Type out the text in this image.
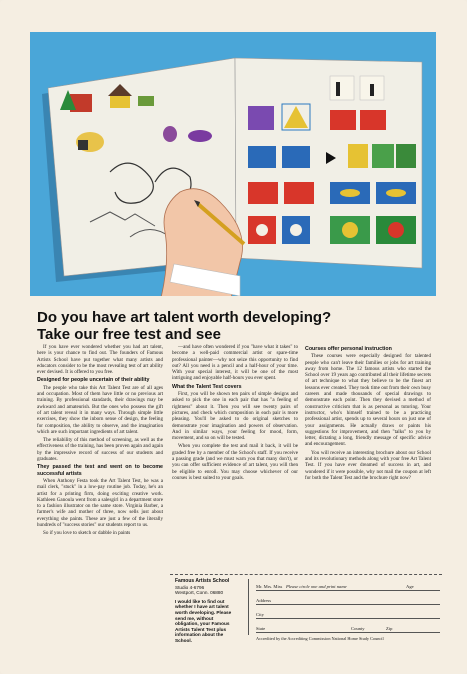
Do you have art talent worth developing?
Take our free test and see

If you have ever wondered whether you had art talent, here is your chance to find out. The founders of Famous Artists School have put together what many artists and educators consider to be the most revealing test of art ability ever devised. It is offered to you free.

Designed for people uncertain of their ability

The people who take this Art Talent Test are of all ages and occupation. Most of them have little or no previous art training. By professional standards, their drawings may be awkward and amateurish. But the ones who possess the gift of art talent reveal it in many ways. Through simple little exercises, they show the inborn sense of design, the feeling for composition, the ability to observe, and the imagination which are such important ingredients of art talent.

The reliability of this method of screening, as well as the effectiveness of the training, has been proven again and again by the impressive record of success of our students and graduates.

They passed the test and went on to become successful artists

When Anthony Festa took the Art Talent Test, he was a mail clerk, "stuck" in a low-pay routine job. Today, he's an artist for a printing firm, doing exciting creative work. Kathleen Ganoula went from a salesgirl in a department store to a fashion illustrator on the same store. Virginia Barber, a farmer's wife and mother of three, now sells just about everything she paints. These are just a few of the literally hundreds of "success stories" our students report to us.

So if you love to sketch or dabble in paints

—and have often wondered if you "have what it takes" to become a well-paid commercial artist or spare-time professional painter—why not seize this opportunity to find out? All you need is a pencil and a half-hour of your time. With your special interest, it will be one of the most intriguing and enjoyable half-hours you ever spent.

What the Talent Test covers

First, you will be shown ten pairs of simple designs and asked to pick the one in each pair that has "a feeling of rightness" about it. Then you will see twenty pairs of pictures, and check which composition in each pair is more pleasing. You'll be asked to do original sketches to demonstrate your imagination and powers of observation. And in similar ways, your feeling for mood, form, movement, and so on will be tested.

When you complete the test and mail it back, it will be graded free by a member of the School's staff. If you receive a passing grade (and we must warn you that many don't), or you can offer sufficient evidence of art talent, you will then be eligible to enroll. You may choose whichever of our courses is best suited to your goals.

Courses offer personal instruction

These courses were especially designed for talented people who can't leave their families or jobs for art training away from home. The 12 famous artists who started the School over 19 years ago contributed all their lifetime secrets of art technique to what they believe to be the finest art lessons ever created. They took time out from their own busy careers and made thousands of special drawings to demonstrate each point. Then they devised a method of constructive criticism that is as personal as tutoring. Your instructor, who's himself trained to be a practicing professional artist, spends up to several hours on just one of your assignments. He actually draws or paints his suggestions for improvement, and then "talks" to you by letter, dictating a long, friendly message of specific advice and encouragement.

You will receive an interesting brochure about our School and its revolutionary methods along with your free Art Talent Test. If you have ever dreamed of success in art, and wondered if it were possible, why not mail the coupon at left for both the Talent Test and the brochure right now?

Famous Artists School
Studio 4-6796
Westport, Conn. 06880
I would like to find out whether I have art talent worth developing. Please send me, without obligation, your Famous Artists Talent Test plus information about the School.
Mr. Mrs. Miss Please circle one and print name	Age
Address
City
State	County	Zip
Accredited by the Accrediting Commission National Home Study Council
